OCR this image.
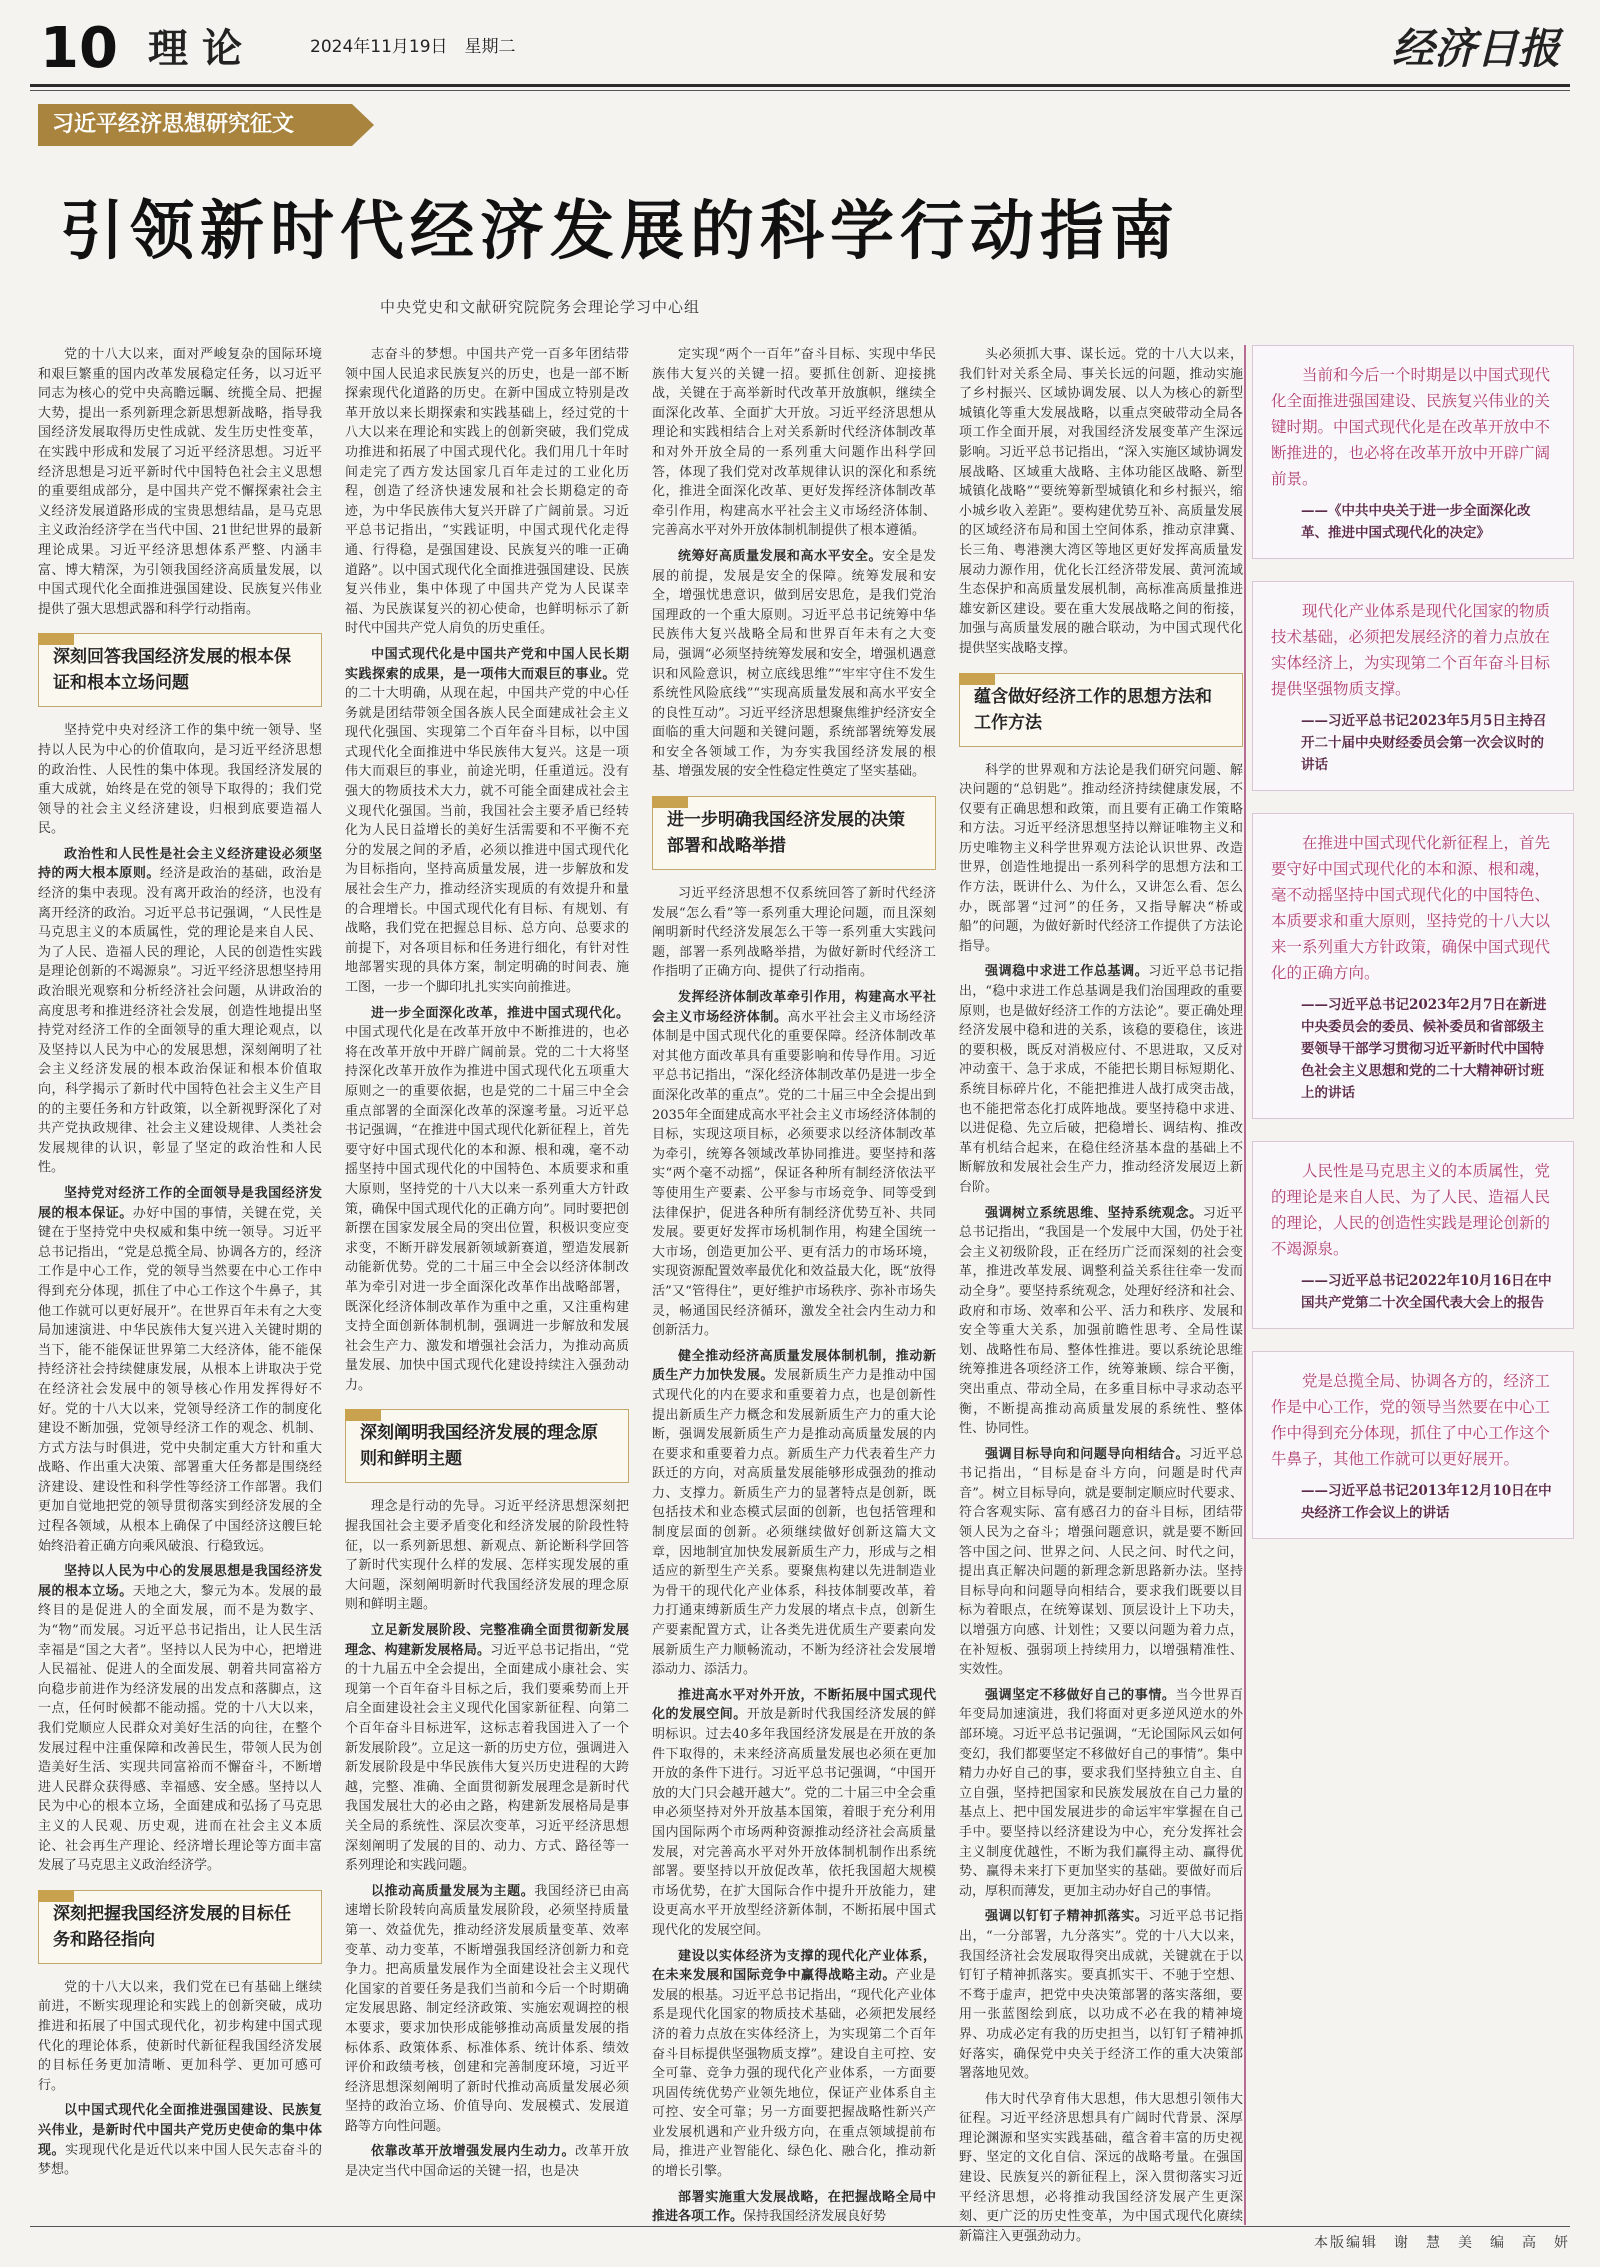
10 理论	2024年11月19日　星期二	经济日报
习近平经济思想研究征文
引领新时代经济发展的科学行动指南
中央党史和文献研究院院务会理论学习中心组

党的十八大以来，面对严峻复杂的国际环境和艰巨繁重的国内改革发展稳定任务，以习近平同志为核心的党中央高瞻远瞩、统揽全局、把握大势，提出一系列新理念新思想新战略，指导我国经济发展取得历史性成就、发生历史性变革，在实践中形成和发展了习近平经济思想。习近平经济思想是习近平新时代中国特色社会主义思想的重要组成部分，是中国共产党不懈探索社会主义经济发展道路形成的宝贵思想结晶，是马克思主义政治经济学在当代中国、21世纪世界的最新理论成果。习近平经济思想体系严整、内涵丰富、博大精深，为引领我国经济高质量发展，以中国式现代化全面推进强国建设、民族复兴伟业提供了强大思想武器和科学行动指南。

深刻回答我国经济发展的根本保证和根本立场问题

坚持党中央对经济工作的集中统一领导、坚持以人民为中心的价值取向，是习近平经济思想的政治性、人民性的集中体现。我国经济发展的重大成就，始终是在党的领导下取得的；我们党领导的社会主义经济建设，归根到底要造福人民。

政治性和人民性是社会主义经济建设必须坚持的两大根本原则。经济是政治的基础，政治是经济的集中表现。没有离开政治的经济，也没有离开经济的政治。习近平总书记强调，“人民性是马克思主义的本质属性，党的理论是来自人民、为了人民、造福人民的理论，人民的创造性实践是理论创新的不竭源泉”。习近平经济思想坚持用政治眼光观察和分析经济社会问题，从讲政治的高度思考和推进经济社会发展，创造性地提出坚持党对经济工作的全面领导的重大理论观点，以及坚持以人民为中心的发展思想，深刻阐明了社会主义经济发展的根本政治保证和根本价值取向，科学揭示了新时代中国特色社会主义生产目的的主要任务和方针政策，以全新视野深化了对共产党执政规律、社会主义建设规律、人类社会发展规律的认识，彰显了坚定的政治性和人民性。

坚持党对经济工作的全面领导是我国经济发展的根本保证。办好中国的事情，关键在党，关键在于坚持党中央权威和集中统一领导。习近平总书记指出，“党是总揽全局、协调各方的，经济工作是中心工作，党的领导当然要在中心工作中得到充分体现，抓住了中心工作这个牛鼻子，其他工作就可以更好展开”。在世界百年未有之大变局加速演进、中华民族伟大复兴进入关键时期的当下，能不能保证世界第二大经济体，能不能保持经济社会持续健康发展，从根本上讲取决于党在经济社会发展中的领导核心作用发挥得好不好。党的十八大以来，党领导经济工作的制度化建设不断加强，党领导经济工作的观念、机制、方式方法与时俱进，党中央制定重大方针和重大战略、作出重大决策、部署重大任务都是围绕经济建设、建设性和科学性等经济工作部署。我们更加自觉地把党的领导贯彻落实到经济发展的全过程各领域，从根本上确保了中国经济这艘巨轮始终沿着正确方向乘风破浪、行稳致远。

坚持以人民为中心的发展思想是我国经济发展的根本立场。天地之大，黎元为本。发展的最终目的是促进人的全面发展，而不是为数字、为“物”而发展。习近平总书记指出，让人民生活幸福是“国之大者”。坚持以人民为中心，把增进人民福祉、促进人的全面发展、朝着共同富裕方向稳步前进作为经济发展的出发点和落脚点，这一点，任何时候都不能动摇。党的十八大以来，我们党顺应人民群众对美好生活的向往，在整个发展过程中注重保障和改善民生，带领人民为创造美好生活、实现共同富裕而不懈奋斗，不断增进人民群众获得感、幸福感、安全感。坚持以人民为中心的根本立场，全面建成和弘扬了马克思主义的人民观、历史观，进而在社会主义本质论、社会再生产理论、经济增长理论等方面丰富发展了马克思主义政治经济学。

深刻把握我国经济发展的目标任务和路径指向

党的十八大以来，我们党在已有基础上继续前进，不断实现理论和实践上的创新突破，成功推进和拓展了中国式现代化，初步构建中国式现代化的理论体系，使新时代新征程我国经济发展的目标任务更加清晰、更加科学、更加可感可行。

以中国式现代化全面推进强国建设、民族复兴伟业，是新时代中国共产党历史使命的集中体现。实现现代化是近代以来中国人民矢志奋斗的梦想。

志奋斗的梦想。中国共产党一百多年团结带领中国人民追求民族复兴的历史，也是一部不断探索现代化道路的历史。在新中国成立特别是改革开放以来长期探索和实践基础上，经过党的十八大以来在理论和实践上的创新突破，我们党成功推进和拓展了中国式现代化。我们用几十年时间走完了西方发达国家几百年走过的工业化历程，创造了经济快速发展和社会长期稳定的奇迹，为中华民族伟大复兴开辟了广阔前景。习近平总书记指出，“实践证明，中国式现代化走得通、行得稳，是强国建设、民族复兴的唯一正确道路”。以中国式现代化全面推进强国建设、民族复兴伟业，集中体现了中国共产党为人民谋幸福、为民族谋复兴的初心使命，也鲜明标示了新时代中国共产党人肩负的历史重任。

中国式现代化是中国共产党和中国人民长期实践探索的成果，是一项伟大而艰巨的事业。党的二十大明确，从现在起，中国共产党的中心任务就是团结带领全国各族人民全面建成社会主义现代化强国、实现第二个百年奋斗目标，以中国式现代化全面推进中华民族伟大复兴。这是一项伟大而艰巨的事业，前途光明，任重道远。没有强大的物质技术大力，就不可能全面建成社会主义现代化强国。当前，我国社会主要矛盾已经转化为人民日益增长的美好生活需要和不平衡不充分的发展之间的矛盾，必须以推进中国式现代化为目标指向，坚持高质量发展，进一步解放和发展社会生产力，推动经济实现质的有效提升和量的合理增长。中国式现代化有目标、有规划、有战略，我们党在把握总目标、总方向、总要求的前提下，对各项目标和任务进行细化，有针对性地部署实现的具体方案，制定明确的时间表、施工图，一步一个脚印扎扎实实向前推进。

进一步全面深化改革，推进中国式现代化。中国式现代化是在改革开放中不断推进的，也必将在改革开放中开辟广阔前景。党的二十大将坚持深化改革开放作为推进中国式现代化五项重大原则之一的重要依据，也是党的二十届三中全会重点部署的全面深化改革的深邃考量。习近平总书记强调，“在推进中国式现代化新征程上，首先要守好中国式现代化的本和源、根和魂，毫不动摇坚持中国式现代化的中国特色、本质要求和重大原则，坚持党的十八大以来一系列重大方针政策，确保中国式现代化的正确方向”。同时要把创新摆在国家发展全局的突出位置，积极识变应变求变，不断开辟发展新领域新赛道，塑造发展新动能新优势。党的二十届三中全会以经济体制改革为牵引对进一步全面深化改革作出战略部署，既深化经济体制改革作为重中之重，又注重构建支持全面创新体制机制，强调进一步解放和发展社会生产力、激发和增强社会活力，为推动高质量发展、加快中国式现代化建设持续注入强劲动力。

深刻阐明我国经济发展的理念原则和鲜明主题

理念是行动的先导。习近平经济思想深刻把握我国社会主要矛盾变化和经济发展的阶段性特征，以一系列新思想、新观点、新论断科学回答了新时代实现什么样的发展、怎样实现发展的重大问题，深刻阐明新时代我国经济发展的理念原则和鲜明主题。

立足新发展阶段、完整准确全面贯彻新发展理念、构建新发展格局。习近平总书记指出，“党的十九届五中全会提出，全面建成小康社会、实现第一个百年奋斗目标之后，我们要乘势而上开启全面建设社会主义现代化国家新征程、向第二个百年奋斗目标进军，这标志着我国进入了一个新发展阶段”。立足这一新的历史方位，强调进入新发展阶段是中华民族伟大复兴历史进程的大跨越，完整、准确、全面贯彻新发展理念是新时代我国发展壮大的必由之路，构建新发展格局是事关全局的系统性、深层次变革，习近平经济思想深刻阐明了发展的目的、动力、方式、路径等一系列理论和实践问题。

以推动高质量发展为主题。我国经济已由高速增长阶段转向高质量发展阶段，必须坚持质量第一、效益优先，推动经济发展质量变革、效率变革、动力变革，不断增强我国经济创新力和竞争力。把高质量发展作为全面建设社会主义现代化国家的首要任务是我们当前和今后一个时期确定发展思路、制定经济政策、实施宏观调控的根本要求，要求加快形成能够推动高质量发展的指标体系、政策体系、标准体系、统计体系、绩效评价和政绩考核，创建和完善制度环境，习近平经济思想深刻阐明了新时代推动高质量发展必须坚持的政治立场、价值导向、发展模式、发展道路等方向性问题。

依靠改革开放增强发展内生动力。改革开放是决定当代中国命运的关键一招，也是决

定实现“两个一百年”奋斗目标、实现中华民族伟大复兴的关键一招。要抓住创新、迎接挑战，关键在于高举新时代改革开放旗帜，继续全面深化改革、全面扩大开放。习近平经济思想从理论和实践相结合上对关系新时代经济体制改革和对外开放全局的一系列重大问题作出科学回答，体现了我们党对改革规律认识的深化和系统化，推进全面深化改革、更好发挥经济体制改革牵引作用，构建高水平社会主义市场经济体制、完善高水平对外开放体制机制提供了根本遵循。

统筹好高质量发展和高水平安全。安全是发展的前提，发展是安全的保障。统筹发展和安全，增强忧患意识，做到居安思危，是我们党治国理政的一个重大原则。习近平总书记统筹中华民族伟大复兴战略全局和世界百年未有之大变局，强调“必须坚持统筹发展和安全，增强机遇意识和风险意识，树立底线思维”“牢牢守住不发生系统性风险底线”“实现高质量发展和高水平安全的良性互动”。习近平经济思想聚焦维护经济安全面临的重大问题和关键问题，系统部署统筹发展和安全各领域工作，为夯实我国经济发展的根基、增强发展的安全性稳定性奠定了坚实基础。

进一步明确我国经济发展的决策部署和战略举措

习近平经济思想不仅系统回答了新时代经济发展“怎么看”等一系列重大理论问题，而且深刻阐明新时代经济发展怎么干等一系列重大实践问题，部署一系列战略举措，为做好新时代经济工作指明了正确方向、提供了行动指南。

发挥经济体制改革牵引作用，构建高水平社会主义市场经济体制。高水平社会主义市场经济体制是中国式现代化的重要保障。经济体制改革对其他方面改革具有重要影响和传导作用。习近平总书记指出，“深化经济体制改革仍是进一步全面深化改革的重点”。党的二十届三中全会提出到2035年全面建成高水平社会主义市场经济体制的目标，实现这项目标，必须要求以经济体制改革为牵引，统筹各领域改革协同推进。要坚持和落实“两个毫不动摇”，保证各种所有制经济依法平等使用生产要素、公平参与市场竞争、同等受到法律保护，促进各种所有制经济优势互补、共同发展。要更好发挥市场机制作用，构建全国统一大市场，创造更加公平、更有活力的市场环境，实现资源配置效率最优化和效益最大化，既“放得活”又“管得住”，更好维护市场秩序、弥补市场失灵，畅通国民经济循环，激发全社会内生动力和创新活力。

健全推动经济高质量发展体制机制，推动新质生产力加快发展。发展新质生产力是推动中国式现代化的内在要求和重要着力点，也是创新性提出新质生产力概念和发展新质生产力的重大论断，强调发展新质生产力是推动高质量发展的内在要求和重要着力点。新质生产力代表着生产力跃迁的方向，对高质量发展能够形成强劲的推动力、支撑力。新质生产力的显著特点是创新，既包括技术和业态模式层面的创新，也包括管理和制度层面的创新。必须继续做好创新这篇大文章，因地制宜加快发展新质生产力，形成与之相适应的新型生产关系。要聚焦构建以先进制造业为骨干的现代化产业体系，科技体制要改革，着力打通束缚新质生产力发展的堵点卡点，创新生产要素配置方式，让各类先进优质生产要素向发展新质生产力顺畅流动，不断为经济社会发展增添动力、添活力。

推进高水平对外开放，不断拓展中国式现代化的发展空间。开放是新时代我国经济发展的鲜明标识。过去40多年我国经济发展是在开放的条件下取得的，未来经济高质量发展也必须在更加开放的条件下进行。习近平总书记强调，“中国开放的大门只会越开越大”。党的二十届三中全会重申必须坚持对外开放基本国策，着眼于充分利用国内国际两个市场两种资源推动经济社会高质量发展，对完善高水平对外开放体制机制作出系统部署。要坚持以开放促改革，依托我国超大规模市场优势，在扩大国际合作中提升开放能力，建设更高水平开放型经济新体制，不断拓展中国式现代化的发展空间。

建设以实体经济为支撑的现代化产业体系，在未来发展和国际竞争中赢得战略主动。产业是发展的根基。习近平总书记指出，“现代化产业体系是现代化国家的物质技术基础，必须把发展经济的着力点放在实体经济上，为实现第二个百年奋斗目标提供坚强物质支撑”。建设自主可控、安全可靠、竞争力强的现代化产业体系，一方面要巩固传统优势产业领先地位，保证产业体系自主可控、安全可靠；另一方面要把握战略性新兴产业发展机遇和产业升级方向，在重点领域提前布局，推进产业智能化、绿色化、融合化，推动新的增长引擎。

部署实施重大发展战略，在把握战略全局中推进各项工作。保持我国经济发展良好势

头必须抓大事、谋长远。党的十八大以来，我们针对关系全局、事关长远的问题，推动实施了乡村振兴、区域协调发展、以人为核心的新型城镇化等重大发展战略，以重点突破带动全局各项工作全面开展，对我国经济发展变革产生深远影响。习近平总书记指出，“深入实施区域协调发展战略、区域重大战略、主体功能区战略、新型城镇化战略”“要统筹新型城镇化和乡村振兴，缩小城乡收入差距”。要构建优势互补、高质量发展的区域经济布局和国土空间体系，推动京津冀、长三角、粤港澳大湾区等地区更好发挥高质量发展动力源作用，优化长江经济带发展、黄河流域生态保护和高质量发展机制，高标准高质量推进雄安新区建设。要在重大发展战略之间的衔接，加强与高质量发展的融合联动，为中国式现代化提供坚实战略支撑。

蕴含做好经济工作的思想方法和工作方法

科学的世界观和方法论是我们研究问题、解决问题的“总钥匙”。推动经济持续健康发展，不仅要有正确思想和政策，而且要有正确工作策略和方法。习近平经济思想坚持以辩证唯物主义和历史唯物主义科学世界观方法论认识世界、改造世界，创造性地提出一系列科学的思想方法和工作方法，既讲什么、为什么，又讲怎么看、怎么办，既部署“过河”的任务，又指导解决“桥或船”的问题，为做好新时代经济工作提供了方法论指导。

强调稳中求进工作总基调。习近平总书记指出，“稳中求进工作总基调是我们治国理政的重要原则，也是做好经济工作的方法论”。要正确处理经济发展中稳和进的关系，该稳的要稳住，该进的要积极，既反对消极应付、不思进取，又反对冲动蛮干、急于求成，不能把长期目标短期化、系统目标碎片化，不能把推进人战打成突击战，也不能把常态化打成阵地战。要坚持稳中求进、以进促稳、先立后破，把稳增长、调结构、推改革有机结合起来，在稳住经济基本盘的基础上不断解放和发展社会生产力，推动经济发展迈上新台阶。

强调树立系统思维、坚持系统观念。习近平总书记指出，“我国是一个发展中大国，仍处于社会主义初级阶段，正在经历广泛而深刻的社会变革，推进改革发展、调整利益关系往往牵一发而动全身”。要坚持系统观念，处理好经济和社会、政府和市场、效率和公平、活力和秩序、发展和安全等重大关系，加强前瞻性思考、全局性谋划、战略性布局、整体性推进。要以系统论思维统筹推进各项经济工作，统筹兼顾、综合平衡，突出重点、带动全局，在多重目标中寻求动态平衡，不断提高推动高质量发展的系统性、整体性、协同性。

强调目标导向和问题导向相结合。习近平总书记指出，“目标是奋斗方向，问题是时代声音”。树立目标导向，就是要制定顺应时代要求、符合客观实际、富有感召力的奋斗目标，团结带领人民为之奋斗；增强问题意识，就是要不断回答中国之问、世界之问、人民之问、时代之问，提出真正解决问题的新理念新思路新办法。坚持目标导向和问题导向相结合，要求我们既要以目标为着眼点，在统筹谋划、顶层设计上下功夫，以增强方向感、计划性；又要以问题为着力点，在补短板、强弱项上持续用力，以增强精准性、实效性。

强调坚定不移做好自己的事情。当今世界百年变局加速演进，我们将面对更多逆风逆水的外部环境。习近平总书记强调，“无论国际风云如何变幻，我们都要坚定不移做好自己的事情”。集中精力办好自己的事，要求我们坚持独立自主、自立自强，坚持把国家和民族发展放在自己力量的基点上、把中国发展进步的命运牢牢掌握在自己手中。要坚持以经济建设为中心，充分发挥社会主义制度优越性，不断为我们赢得主动、赢得优势、赢得未来打下更加坚实的基础。要做好而后动，厚积而薄发，更加主动办好自己的事情。

强调以钉钉子精神抓落实。习近平总书记指出，“一分部署，九分落实”。党的十八大以来，我国经济社会发展取得突出成就，关键就在于以钉钉子精神抓落实。要真抓实干、不驰于空想、不骛于虚声，把党中央决策部署的落实落细，要用一张蓝图绘到底，以功成不必在我的精神境界、功成必定有我的历史担当，以钉钉子精神抓好落实，确保党中央关于经济工作的重大决策部署落地见效。

伟大时代孕育伟大思想，伟大思想引领伟大征程。习近平经济思想具有广阔时代背景、深厚理论渊源和坚实实践基础，蕴含着丰富的历史视野、坚定的文化自信、深远的战略考量。在强国建设、民族复兴的新征程上，深入贯彻落实习近平经济思想，必将推动我国经济发展产生更深刻、更广泛的历史性变革，为中国式现代化赓续新篇注入更强劲动力。

当前和今后一个时期是以中国式现代化全面推进强国建设、民族复兴伟业的关键时期。中国式现代化是在改革开放中不断推进的，也必将在改革开放中开辟广阔前景。
——《中共中央关于进一步全面深化改革、推进中国式现代化的决定》
现代化产业体系是现代化国家的物质技术基础，必须把发展经济的着力点放在实体经济上，为实现第二个百年奋斗目标提供坚强物质支撑。
——习近平总书记2023年5月5日主持召开二十届中央财经委员会第一次会议时的讲话
在推进中国式现代化新征程上，首先要守好中国式现代化的本和源、根和魂，毫不动摇坚持中国式现代化的中国特色、本质要求和重大原则，坚持党的十八大以来一系列重大方针政策，确保中国式现代化的正确方向。
——习近平总书记2023年2月7日在新进中央委员会的委员、候补委员和省部级主要领导干部学习贯彻习近平新时代中国特色社会主义思想和党的二十大精神研讨班上的讲话
人民性是马克思主义的本质属性，党的理论是来自人民、为了人民、造福人民的理论，人民的创造性实践是理论创新的不竭源泉。
——习近平总书记2022年10月16日在中国共产党第二十次全国代表大会上的报告
党是总揽全局、协调各方的，经济工作是中心工作，党的领导当然要在中心工作中得到充分体现，抓住了中心工作这个牛鼻子，其他工作就可以更好展开。
——习近平总书记2013年12月10日在中央经济工作会议上的讲话
本版编辑　谢　慧　美　编　高　妍
